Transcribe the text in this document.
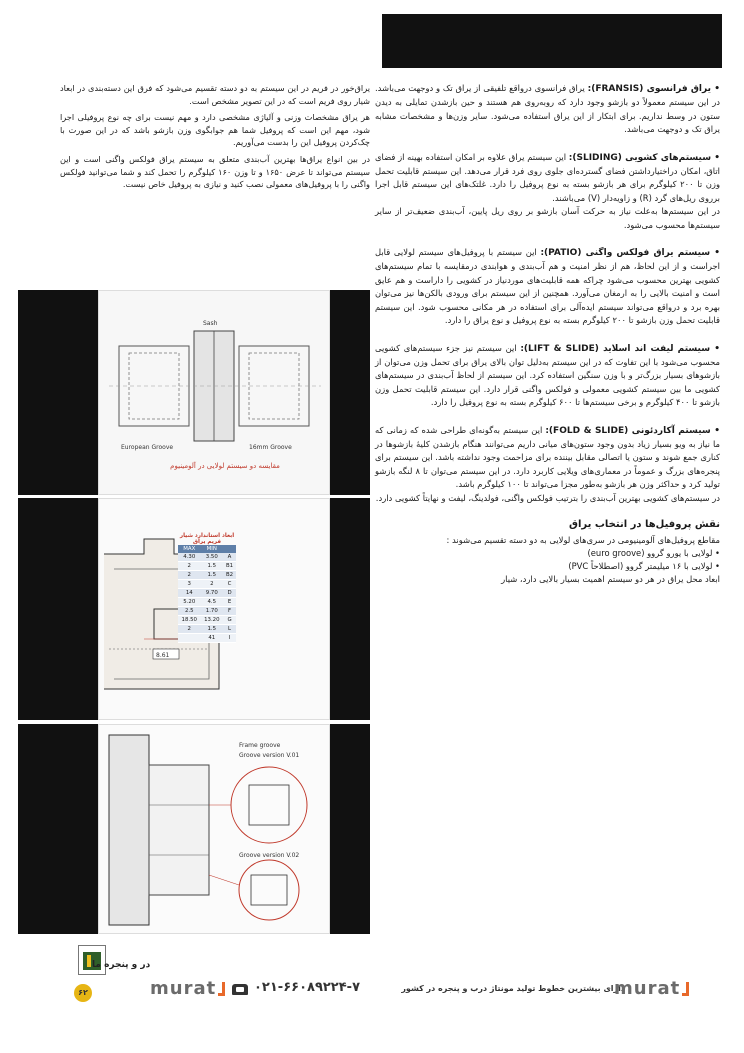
• یراق فرانسوی (FRANSIS): یراق فرانسوی درواقع تلفیقی از یراق تک و دوجهت می‌باشد. در این سیستم معمولاً دو بازشو وجود دارد که روبه‌روی هم هستند و حین بازشدن تمایلی به دیدن ستون در وسط نداریم. برای ابتکار از این یراق استفاده می‌شود. سایر وزن‌ها و مشخصات مشابه یراق تک و دوجهت می‌باشد.

• سیستم‌های کشویی (SLIDING): این سیستم یراق علاوه بر امکان استفاده بهینه از فضای اتاق، امکان دراختیارداشتن فضای گسترده‌ای جلوی روی فرد قرار می‌دهد. این سیستم قابلیت تحمل وزن تا ۲۰۰ کیلوگرم برای هر بازشو بسته به نوع پروفیل را دارد. غلتک‌های این سیستم قابل اجرا برروی ریل‌های گرد (R) و زاویه‌دار (V) می‌باشند.
در این سیستم‌ها به‌علت نیاز به حرکت آسان بازشو بر روی ریل پایین، آب‌بندی ضعیف‌تر از سایر سیستم‌ها محسوب می‌شود.

• سیستم یراق فولکس واگنی (PATIO): این سیستم با پروفیل‌های سیستم لولایی قابل اجراست و از این لحاظ، هم از نظر امنیت و هم آب‌بندی و هوابندی درمقایسه با تمام سیستم‌های کشویی بهترین محسوب می‌شود چراکه همه قابلیت‌های موردنیاز در کشویی را داراست و هم عایق است و امنیت بالایی را به ارمغان می‌آورد. همچنین از این سیستم برای ورودی بالکن‌ها نیز می‌توان بهره برد و درواقع می‌تواند سیستم ایده‌آلی برای استفاده در هر مکانی محسوب شود. این سیستم قابلیت تحمل وزن بازشو تا ۲۰۰ کیلوگرم بسته به نوع پروفیل و نوع یراق را دارد.

• سیستم لیفت اند اسلاید (LIFT & SLIDE): این سیستم نیز جزء سیستم‌های کشویی محسوب می‌شود با این تفاوت که در این سیستم به‌دلیل توان بالای یراق برای تحمل وزن می‌توان از بازشوهای بسیار بزرگ‌تر و با وزن سنگین استفاده کرد. این سیستم از لحاظ آب‌بندی در سیستم‌های کشویی ما بین سیستم کشویی معمولی و فولکس واگنی قرار دارد. این سیستم قابلیت تحمل وزن بازشو تا ۴۰۰ کیلوگرم و برخی سیستم‌ها تا ۶۰۰ کیلوگرم بسته به نوع پروفیل را دارد.

• سیستم آکاردئونی (FOLD & SLIDE): این سیستم به‌گونه‌ای طراحی شده که زمانی که ما نیاز به ویو بسیار زیاد بدون وجود ستون‌های میانی داریم می‌توانند هنگام بازشدن کلیهٔ بازشوها در کناری جمع شوند و ستون یا اتصالی مقابل بیننده برای مزاحمت وجود نداشته باشد. این سیستم برای پنجره‌های بزرگ و عموماً در معماری‌های ویلایی کاربرد دارد. در این سیستم می‌توان تا ۸ لنگه بازشو تولید کرد و حداکثر وزن هر بازشو به‌طور مجزا می‌تواند تا ۱۰۰ کیلوگرم باشد.
در سیستم‌های کشویی بهترین آب‌بندی را بترتیب فولکس واگنی، فولدینگ، لیفت و نهایتاً کشویی دارد.

نقش پروفیل‌ها در انتخاب یراق

مقاطع پروفیل‌های آلومینیومی در سری‌های لولایی به دو دسته تقسیم می‌شوند :

• لولایی با یورو گروو (euro groove)

• لولایی با ۱۶ میلیمتر گروو (اصطلاحاً PVC)

ابعاد محل یراق در هر دو سیستم اهمیت بسیار بالایی دارد، شیار

یراق‌خور در فریم در این سیستم به دو دسته تقسیم می‌شود که فرق این دسته‌بندی در ابعاد شیار روی فریم است که در این تصویر مشخص است.

هر یراق مشخصات وزنی و آلیاژی مشخصی دارد و مهم نیست برای چه نوع پروفیلی اجرا شود، مهم این است که پروفیل شما هم جوابگوی وزن بازشو باشد که در این صورت با چک‌کردن پروفیل این را بدست می‌آوریم.

در بین انواع یراق‌ها بهترین آب‌بندی متعلق به سیستم یراق فولکس واگنی است و این سیستم می‌تواند تا عرض ۱۶۵۰ و تا وزن ۱۶۰ کیلوگرم را تحمل کند و شما می‌توانید فولکس واگنی را با پروفیل‌های معمولی نصب کنید و نیازی به پروفیل خاص نیست.

Sash
European Groove	16mm Groove
مقایسه دو سیستم لولایی در آلومینیوم
8.61
ابعاد استاندارد شیار فریم یراق
MAX	MIN	
4.30	3.50	A
2	1.5	B1
2	1.5	B2
3	2	C
14	9.70	D
5.20	4.5	E
2.5	1.70	F
18.50	13.20	G
2	1.5	L
	41	I
Frame groove
Groove version V.01
Groove version V.02
در و پنجره ما
۶۲	murat	۰۲۱-۶۶۰۸۹۲۲۴-۷	دارای بیشترین خطوط تولید مونتاژ درب و پنجره در کشور
murat
